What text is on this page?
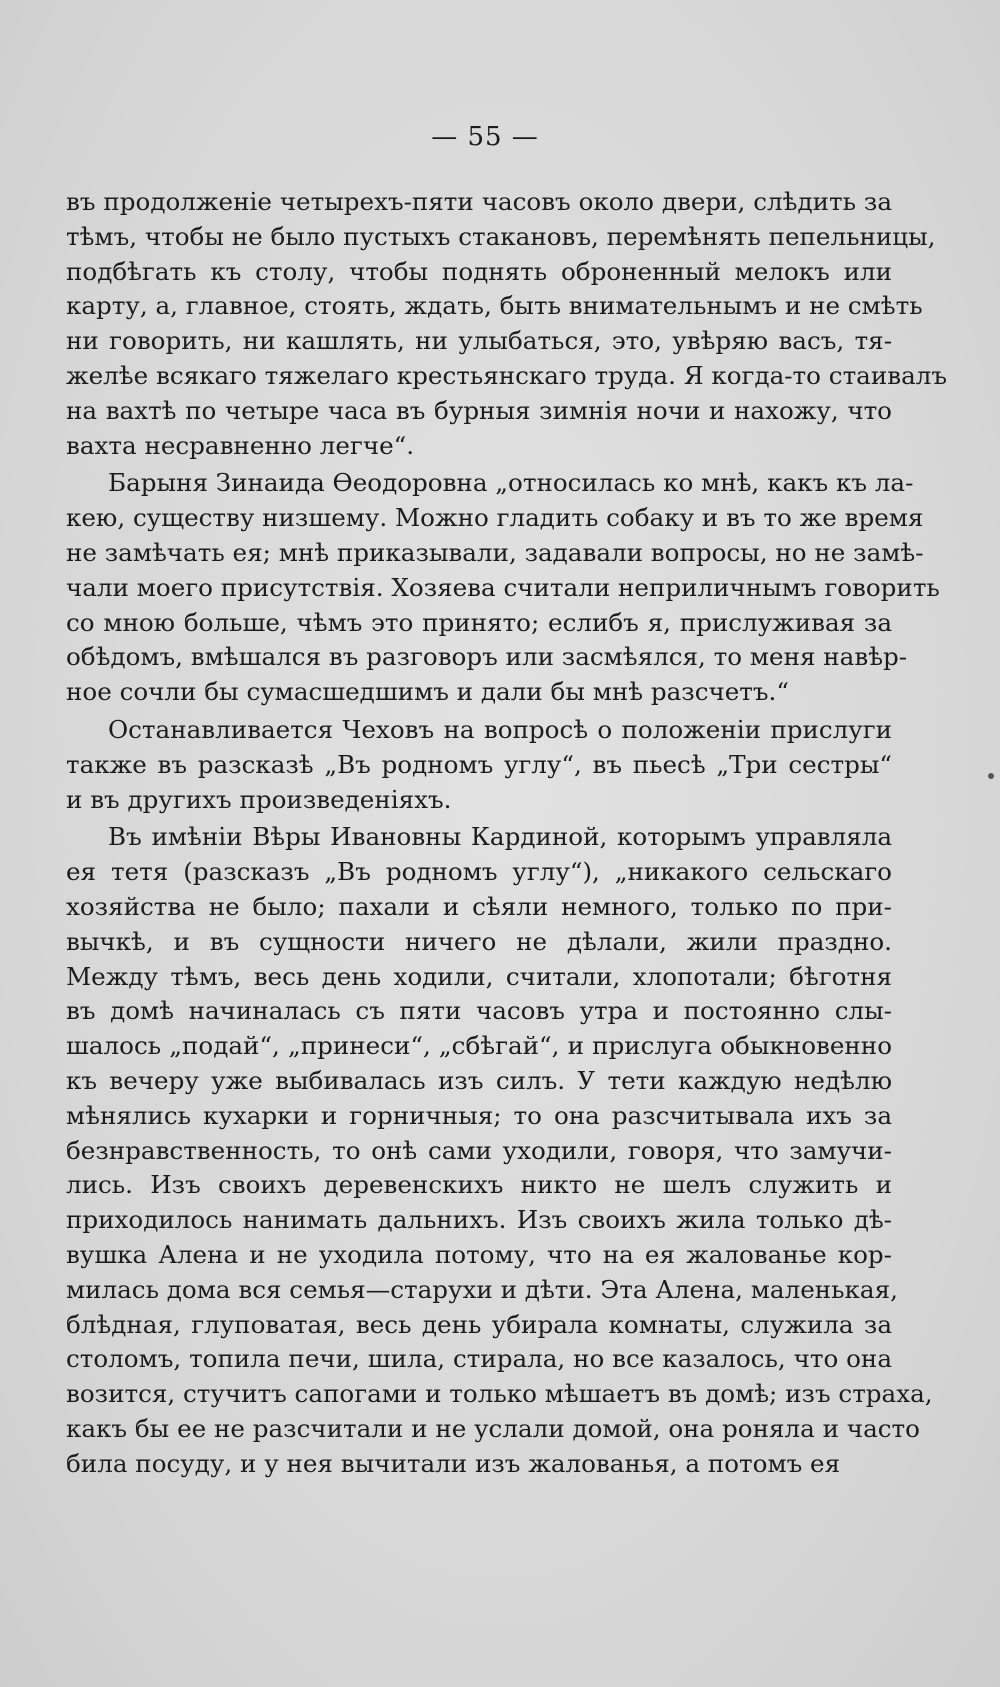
— 55 —
въ продолженіе четырехъ-пяти часовъ около двери, слѣдить за
тѣмъ, чтобы не было пустыхъ стакановъ, перемѣнять пепельницы,
подбѣгать къ столу, чтобы поднять оброненный мелокъ или
карту, а, главное, стоять, ждать, быть внимательнымъ и не смѣть
ни говорить, ни кашлять, ни улыбаться, это, увѣряю васъ, тя-
желѣе всякаго тяжелаго крестьянскаго труда. Я когда-то стаивалъ
на вахтѣ по четыре часа въ бурныя зимнія ночи и нахожу, что
вахта несравненно легче“.
Барыня Зинаида Өеодоровна „относилась ко мнѣ, какъ къ ла-
кею, существу низшему. Можно гладить собаку и въ то же время
не замѣчать ея; мнѣ приказывали, задавали вопросы, но не замѣ-
чали моего присутствія. Хозяева считали неприличнымъ говорить
со мною больше, чѣмъ это принято; еслибъ я, прислуживая за
обѣдомъ, вмѣшался въ разговоръ или засмѣялся, то меня навѣр-
ное сочли бы сумасшедшимъ и дали бы мнѣ разсчетъ.“
Останавливается Чеховъ на вопросѣ о положеніи прислуги
также въ разсказѣ „Въ родномъ углу“, въ пьесѣ „Три сестры“
и въ другихъ произведеніяхъ.
Въ имѣніи Вѣры Ивановны Кардиной, которымъ управляла
ея тетя (разсказъ „Въ родномъ углу“), „никакого сельскаго
хозяйства не было; пахали и сѣяли немного, только по при-
вычкѣ, и въ сущности ничего не дѣлали, жили праздно.
Между тѣмъ, весь день ходили, считали, хлопотали; бѣготня
въ домѣ начиналась съ пяти часовъ утра и постоянно слы-
шалось „подай“, „принеси“, „сбѣгай“, и прислуга обыкновенно
къ вечеру уже выбивалась изъ силъ. У тети каждую недѣлю
мѣнялись кухарки и горничныя; то она разсчитывала ихъ за
безнравственность, то онѣ сами уходили, говоря, что замучи-
лись. Изъ своихъ деревенскихъ никто не шелъ служить и
приходилось нанимать дальнихъ. Изъ своихъ жила только дѣ-
вушка Алена и не уходила потому, что на ея жалованье кор-
милась дома вся семья—старухи и дѣти. Эта Алена, маленькая,
блѣдная, глуповатая, весь день убирала комнаты, служила за
столомъ, топила печи, шила, стирала, но все казалось, что она
возится, стучитъ сапогами и только мѣшаетъ въ домѣ; изъ страха,
какъ бы ее не разсчитали и не услали домой, она роняла и часто
била посуду, и у нея вычитали изъ жалованья, а потомъ ея
